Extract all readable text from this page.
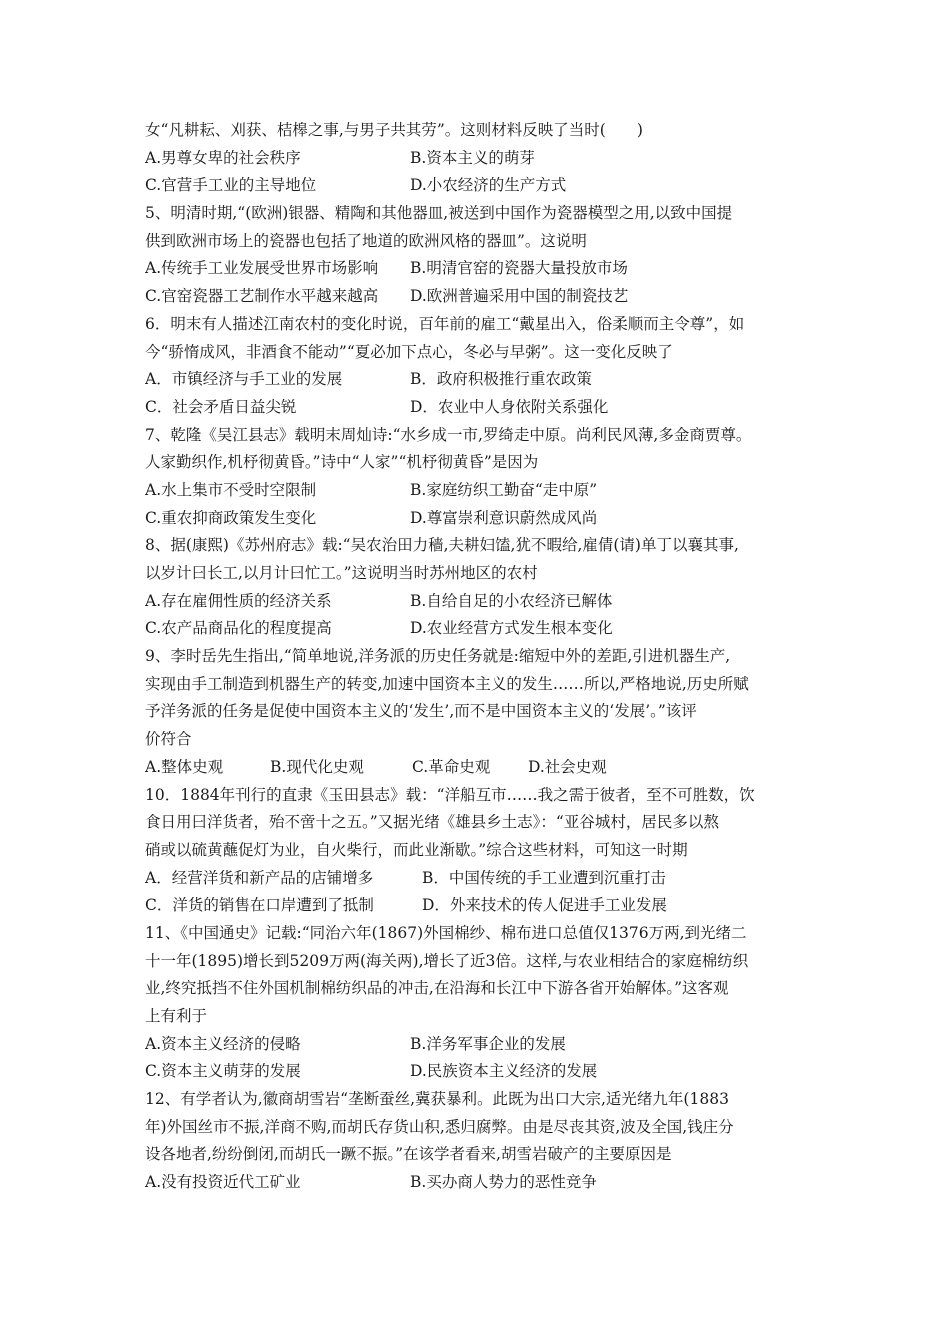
女“凡耕耘、刈获、桔槔之事,与男子共其劳”。这则材料反映了当时(　　)
A.男尊女卑的社会秩序	B.资本主义的萌芽
C.官营手工业的主导地位	D.小农经济的生产方式
5、明清时期,“(欧洲)银器、精陶和其他器皿,被送到中国作为瓷器模型之用,以致中国提
供到欧洲市场上的瓷器也包括了地道的欧洲风格的器皿”。这说明
A.传统手工业发展受世界市场影响 B.明清官窑的瓷器大量投放市场
C.官窑瓷器工艺制作水平越来越高 D.欧洲普遍采用中国的制瓷技艺
6．明末有人描述江南农村的变化时说，百年前的雇工“戴星出入，俗柔顺而主令尊”，如
今“骄惰成风，非酒食不能动”“夏必加下点心，冬必与早粥”。这一变化反映了
A．市镇经济与手工业的发展	B．政府积极推行重农政策
C．社会矛盾日益尖锐	D．农业中人身依附关系强化
7、乾隆《吴江县志》载明末周灿诗:“水乡成一市,罗绮走中原。尚利民风薄,多金商贾尊。
人家勤织作,机杼彻黄昏。”诗中“人家”“机杼彻黄昏”是因为
A.水上集市不受时空限制	B.家庭纺织工勤奋“走中原”
C.重农抑商政策发生变化	D.尊富崇利意识蔚然成风尚
8、据(康熙)《苏州府志》载:“吴农治田力穑,夫耕妇馌,犹不暇给,雇倩(请)单丁以襄其事,
以岁计曰长工,以月计曰忙工。”这说明当时苏州地区的农村
A.存在雇佣性质的经济关系	B.自给自足的小农经济已解体
C.农产品商品化的程度提高	D.农业经营方式发生根本变化
9、李时岳先生指出,“简单地说,洋务派的历史任务就是:缩短中外的差距,引进机器生产,
实现由手工制造到机器生产的转变,加速中国资本主义的发生……所以,严格地说,历史所赋
予洋务派的任务是促使中国资本主义的‘发生’,而不是中国资本主义的‘发展’。”该评
价符合
A.整体史观	B.现代化史观	C.革命史观 D.社会史观
10．1884年刊行的直隶《玉田县志》载：“洋船互市……我之需于彼者，至不可胜数，饮
食日用曰洋货者，殆不啻十之五。”又据光绪《雄县乡土志》：“亚谷城村，居民多以熬
硝或以硫黄蘸促灯为业，自火柴行，而此业渐歇。”综合这些材料，可知这一时期
A．经营洋货和新产品的店铺增多	B．中国传统的手工业遭到沉重打击
C．洋货的销售在口岸遭到了抵制	D．外来技术的传人促进手工业发展
11、《中国通史》记载:“同治六年(1867)外国棉纱、棉布进口总值仅1376万两,到光绪二
十一年(1895)增长到5209万两(海关两),增长了近3倍。这样,与农业相结合的家庭棉纺织
业,终究抵挡不住外国机制棉纺织品的冲击,在沿海和长江中下游各省开始解体。”这客观
上有利于
A.资本主义经济的侵略	B.洋务军事企业的发展
C.资本主义萌芽的发展	D.民族资本主义经济的发展
12、有学者认为,徽商胡雪岩“垄断蚕丝,冀获暴利。此既为出口大宗,适光绪九年(1883
年)外国丝市不振,洋商不购,而胡氏存货山积,悉归腐弊。由是尽丧其资,波及全国,钱庄分
设各地者,纷纷倒闭,而胡氏一蹶不振。”在该学者看来,胡雪岩破产的主要原因是
A.没有投资近代工矿业	B.买办商人势力的恶性竞争
